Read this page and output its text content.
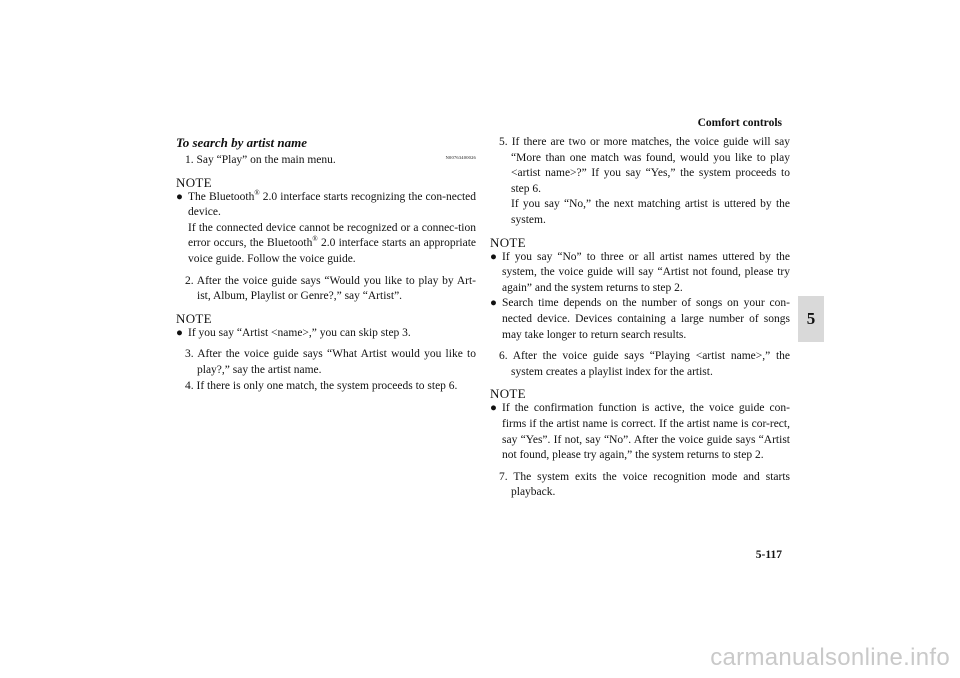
Comfort controls
5
5-117
carmanualsonline.info
To search by artist name
N00763400026
1. Say “Play” on the main menu.
NOTE
● The Bluetooth® 2.0 interface starts recognizing the con-nected device.
If the connected device cannot be recognized or a connec-tion error occurs, the Bluetooth® 2.0 interface starts an appropriate voice guide. Follow the voice guide.
2. After the voice guide says “Would you like to play by Art-ist, Album, Playlist or Genre?,” say “Artist”.
NOTE
● If you say “Artist <name>,” you can skip step 3.
3. After the voice guide says “What Artist would you like to play?,” say the artist name.
4. If there is only one match, the system proceeds to step 6.
5. If there are two or more matches, the voice guide will say “More than one match was found, would you like to play <artist name>?” If you say “Yes,” the system proceeds to step 6.
If you say “No,” the next matching artist is uttered by the system.
NOTE
● If you say “No” to three or all artist names uttered by the system, the voice guide will say “Artist not found, please try again” and the system returns to step 2.
● Search time depends on the number of songs on your con-nected device. Devices containing a large number of songs may take longer to return search results.
6. After the voice guide says “Playing <artist name>,” the system creates a playlist index for the artist.
NOTE
● If the confirmation function is active, the voice guide con-firms if the artist name is correct. If the artist name is cor-rect, say “Yes”. If not, say “No”. After the voice guide says “Artist not found, please try again,” the system returns to step 2.
7. The system exits the voice recognition mode and starts playback.
